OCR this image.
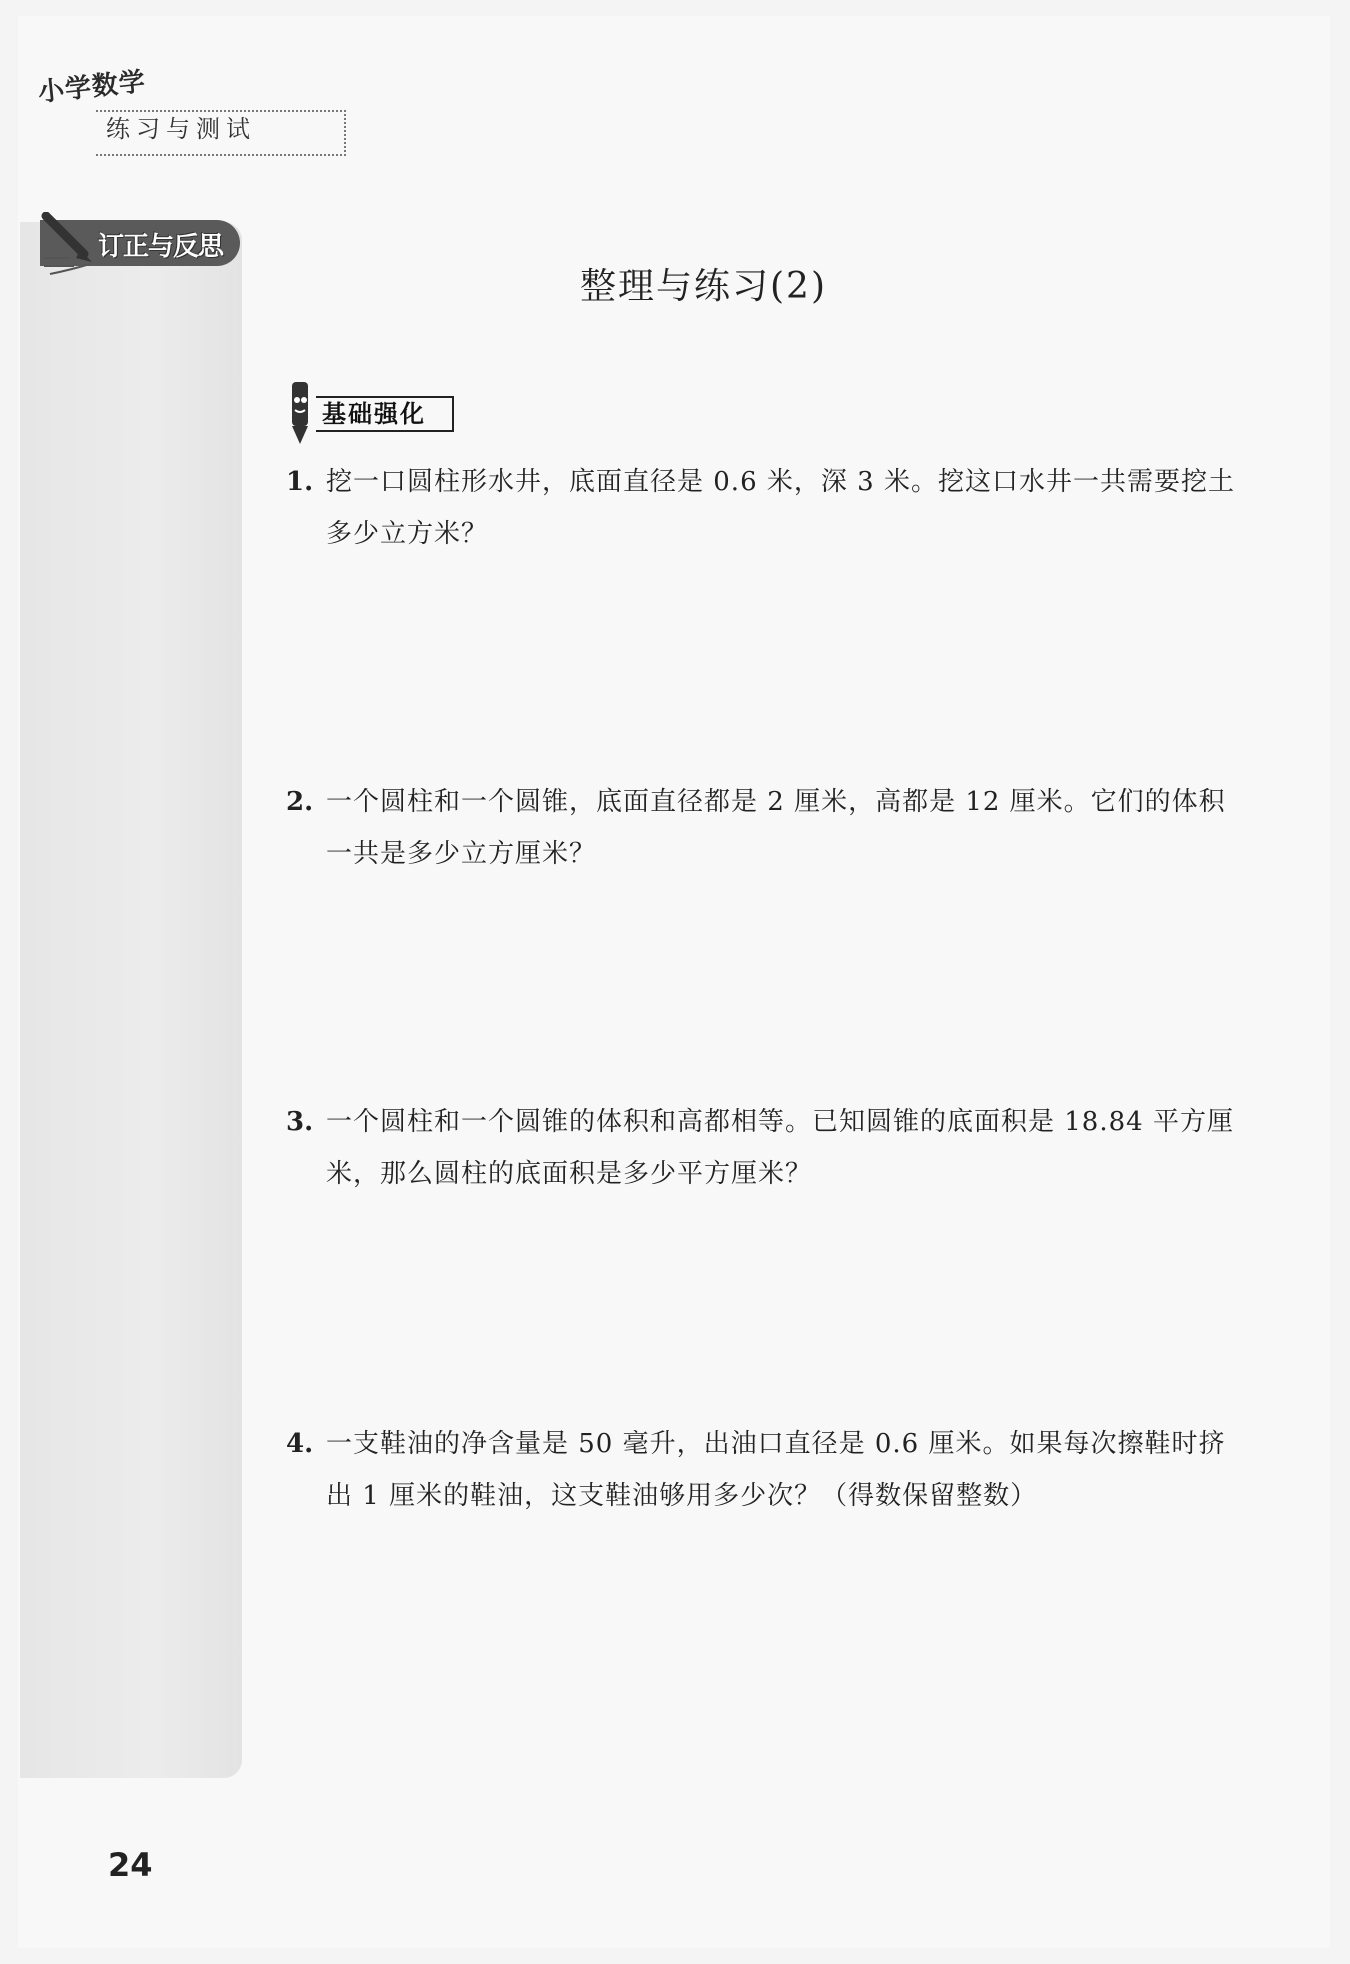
小学数学
练习与测试
订正与反思
整理与练习(2)
基础强化
1. 挖一口圆柱形水井，底面直径是 0.6 米，深 3 米。挖这口水井一共需要挖土多少立方米？
2. 一个圆柱和一个圆锥，底面直径都是 2 厘米，高都是 12 厘米。它们的体积一共是多少立方厘米？
3. 一个圆柱和一个圆锥的体积和高都相等。已知圆锥的底面积是 18.84 平方厘米，那么圆柱的底面积是多少平方厘米？
4. 一支鞋油的净含量是 50 毫升，出油口直径是 0.6 厘米。如果每次擦鞋时挤出 1 厘米的鞋油，这支鞋油够用多少次？（得数保留整数）
24
